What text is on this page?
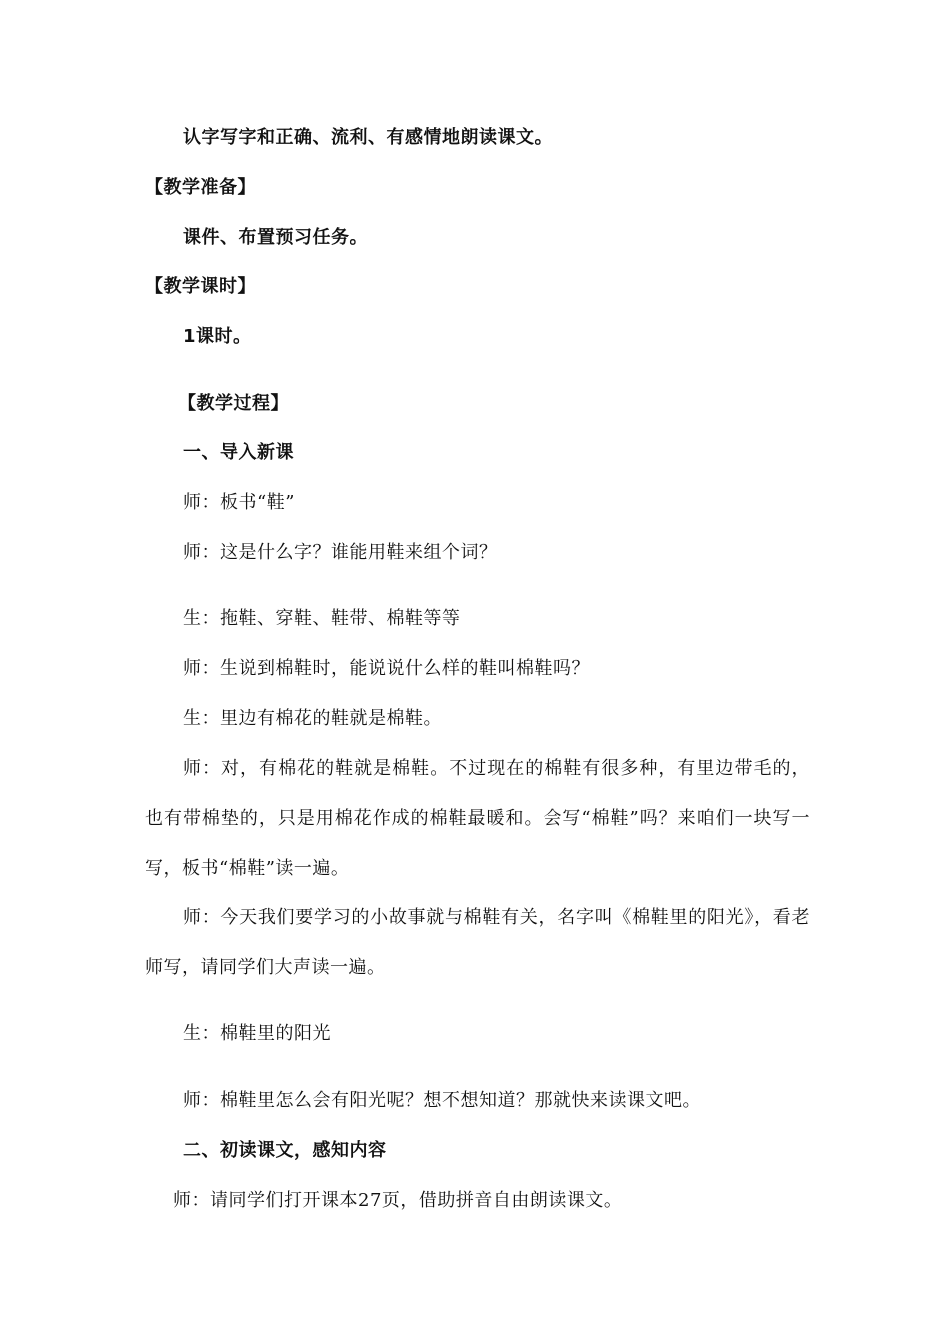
认字写字和正确、流利、有感情地朗读课文。
【教学准备】
课件、布置预习任务。
【教学课时】
1课时。
【教学过程】
一、导入新课
师：板书“鞋”
师：这是什么字？谁能用鞋来组个词？
生：拖鞋、穿鞋、鞋带、棉鞋等等
师：生说到棉鞋时，能说说什么样的鞋叫棉鞋吗？
生：里边有棉花的鞋就是棉鞋。
师：对，有棉花的鞋就是棉鞋。不过现在的棉鞋有很多种，有里边带毛的，也有带棉垫的，只是用棉花作成的棉鞋最暖和。会写“棉鞋”吗？来咱们一块写一写，板书“棉鞋”读一遍。
师：今天我们要学习的小故事就与棉鞋有关，名字叫《棉鞋里的阳光》，看老师写，请同学们大声读一遍。
生：棉鞋里的阳光
师：棉鞋里怎么会有阳光呢？想不想知道？那就快来读课文吧。
二、初读课文，感知内容
师：请同学们打开课本27页，借助拼音自由朗读课文。
